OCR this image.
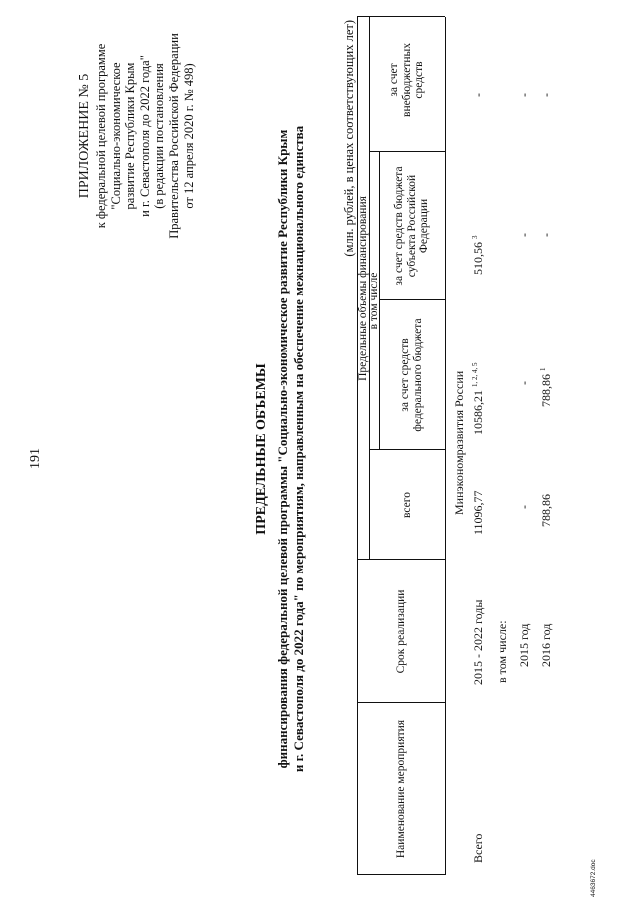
191
ПРИЛОЖЕНИЕ № 5 к федеральной целевой программе "Социально-экономическое развитие Республики Крым и г. Севастополя до 2022 года" (в редакции постановления Правительства Российской Федерации от 12 апреля 2020 г. № 498)
ПРЕДЕЛЬНЫЕ ОБЪЕМЫ финансирования федеральной целевой программы "Социально-экономическое развитие Республики Крым и г. Севастополя до 2022 года" по мероприятиям, направленным на обеспечение межнационального единства	(млн. рублей, в ценах соответствующих лет)
Наименование мероприятия
Срок реализации
Предельные объемы финансирования
всего
в том числе
за счет средств федерального бюджета
за счет средств бюджета субъекта Российской Федерации
за счет внебюджетных средств
Минэкономразвития России
Всего
2015 - 2022 годы
11096,77
10586,21 $^{1, 2, 4, 5}$
510,56 $^3$
-
в том числе: 2015 год
-
-
-
-
2016 год
788,86
788,86 $^1$
-
-
4463672.doc
